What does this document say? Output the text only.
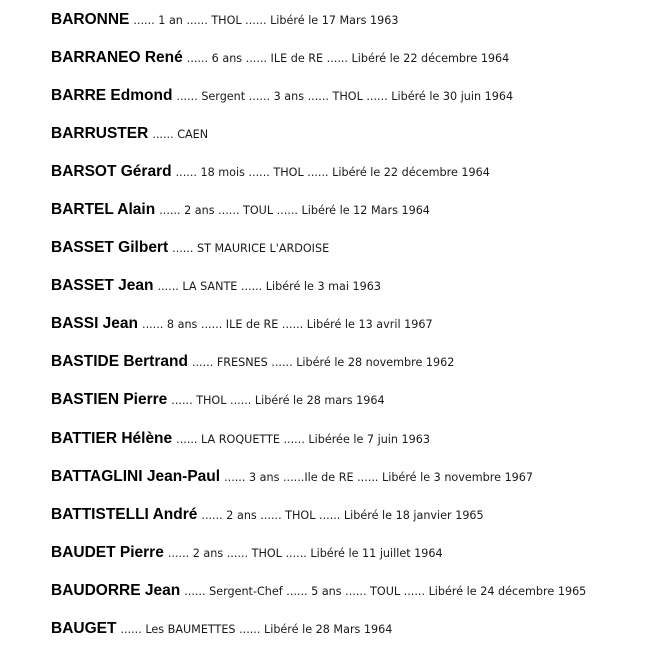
BARONNE ...... 1 an ...... THOL ...... Libéré le 17 Mars 1963
BARRANEO René ...... 6 ans ...... ILE de RE ...... Libéré le 22 décembre 1964
BARRE Edmond ...... Sergent ...... 3 ans ...... THOL ...... Libéré le 30 juin 1964
BARRUSTER ...... CAEN
BARSOT Gérard ...... 18 mois ...... THOL ...... Libéré le 22 décembre 1964
BARTEL Alain ...... 2 ans ...... TOUL ...... Libéré le 12 Mars 1964
BASSET Gilbert ...... ST MAURICE L'ARDOISE
BASSET Jean ...... LA SANTE ...... Libéré le 3 mai 1963
BASSI Jean ...... 8 ans ...... ILE de RE ...... Libéré le 13 avril 1967
BASTIDE Bertrand ...... FRESNES ...... Libéré le 28 novembre 1962
BASTIEN Pierre ...... THOL ...... Libéré le 28 mars 1964
BATTIER Hélène ...... LA ROQUETTE ...... Libérée le 7 juin 1963
BATTAGLINI Jean-Paul ...... 3 ans ......Ile de RE ...... Libéré le 3 novembre 1967
BATTISTELLI André ...... 2 ans ...... THOL ...... Libéré le 18 janvier 1965
BAUDET Pierre ...... 2 ans ...... THOL ...... Libéré le 11 juillet 1964
BAUDORRE Jean ...... Sergent-Chef ...... 5 ans ...... TOUL ...... Libéré le 24 décembre 1965
BAUGET ...... Les BAUMETTES ...... Libéré le 28 Mars 1964
